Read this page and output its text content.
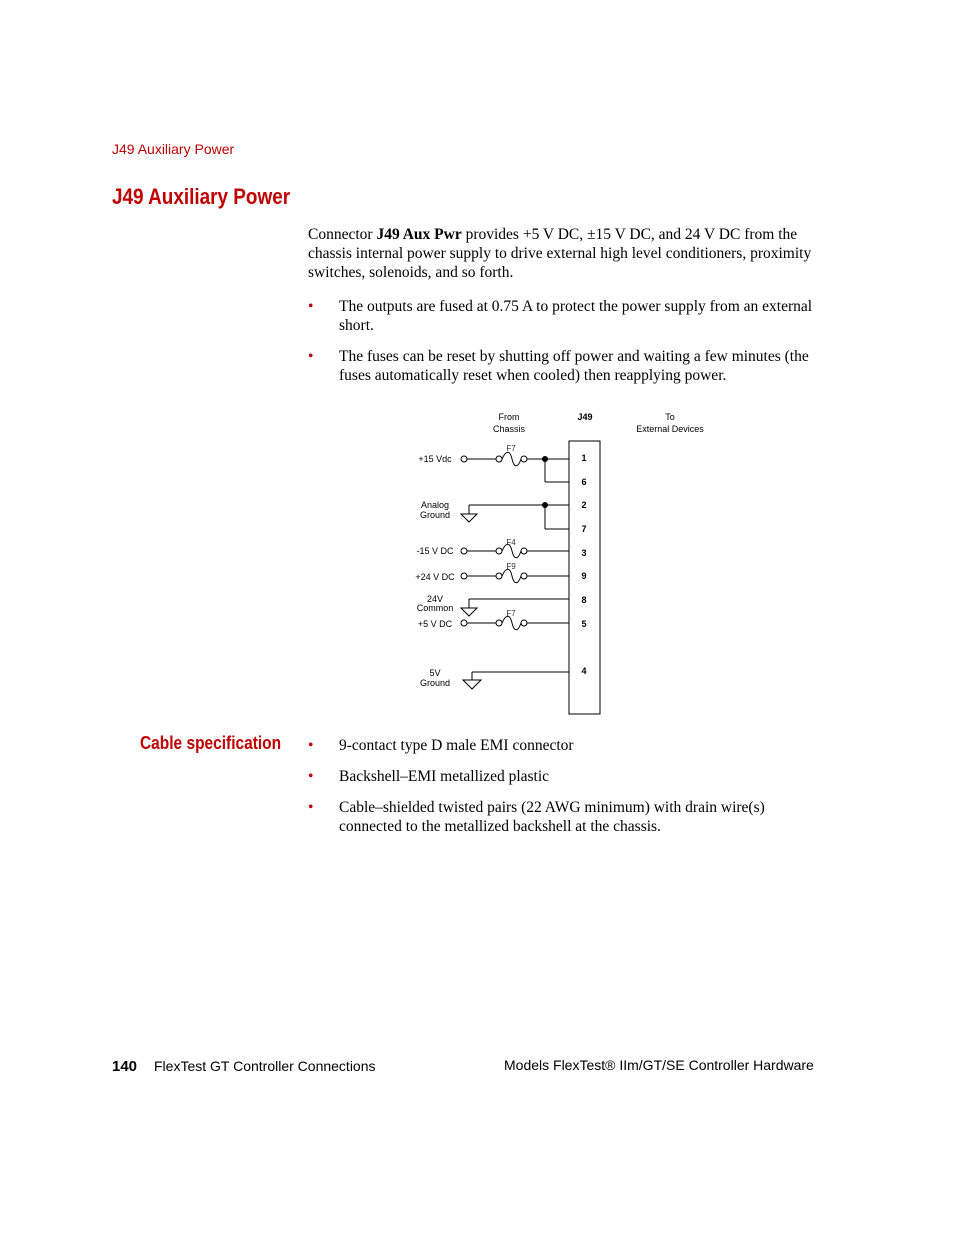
J49 Auxiliary Power
J49 Auxiliary Power
Connector J49 Aux Pwr provides +5 V DC, ±15 V DC, and 24 V DC from the chassis internal power supply to drive external high level conditioners, proximity switches, solenoids, and so forth.
• The outputs are fused at 0.75 A to protect the power supply from an external short.
• The fuses can be reset by shutting off power and waiting a few minutes (the fuses automatically reset when cooled) then reapplying power.
From
Chassis
J49	To
External Devices
1
6
2
7
3
9
8
5
4
F7
F4
F9
F7
+15 Vdc
Analog
Ground
-15 V DC
+24 V DC
24V
Common
+5 V DC
5V
Ground
Cable specification • 9-contact type D male EMI connector
• Backshell–EMI metallized plastic
• Cable–shielded twisted pairs (22 AWG minimum) with drain wire(s) connected to the metallized backshell at the chassis.
140 FlexTest GT Controller Connections	Models FlexTest® IIm/GT/SE Controller Hardware
